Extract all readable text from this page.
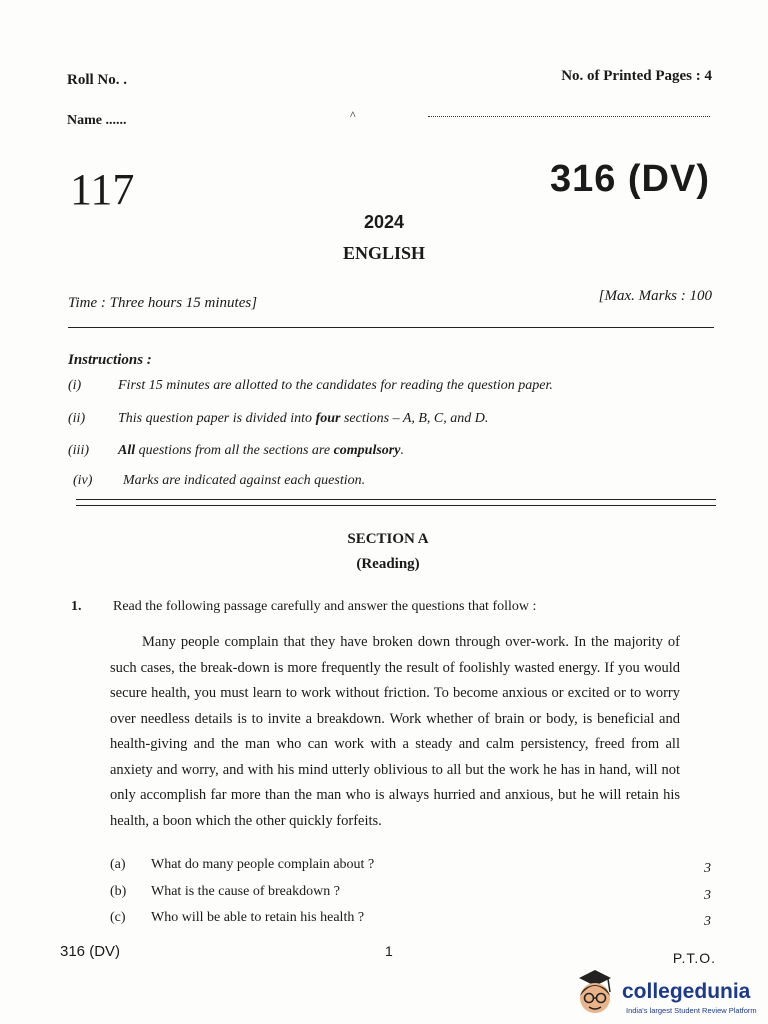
Roll No. .	No. of Printed Pages : 4
Name ......	^
117	316 (DV)
2024
ENGLISH
Time : Three hours 15 minutes]	[Max. Marks : 100
Instructions :
(i)	First 15 minutes are allotted to the candidates for reading the question paper.
(ii) This question paper is divided into four sections – A, B, C, and D.
(iii) All questions from all the sections are compulsory.
(iv) Marks are indicated against each question.
SECTION A
(Reading)
1. Read the following passage carefully and answer the questions that follow :

Many people complain that they have broken down through over-work. In the majority of such cases, the break-down is more frequently the result of foolishly wasted energy. If you would secure health, you must learn to work without friction. To become anxious or excited or to worry over needless details is to invite a breakdown. Work whether of brain or body, is beneficial and health-giving and the man who can work with a steady and calm persistency, freed from all anxiety and worry, and with his mind utterly oblivious to all but the work he has in hand, will not only accomplish far more than the man who is always hurried and anxious, but he will retain his health, a boon which the other quickly forfeits.

(a) What do many people complain about ?	3
(b) What is the cause of breakdown ?	3
(c) Who will be able to retain his health ?	3
316 (DV)	1	P.T.O.
collegedunia
India's largest Student Review Platform
